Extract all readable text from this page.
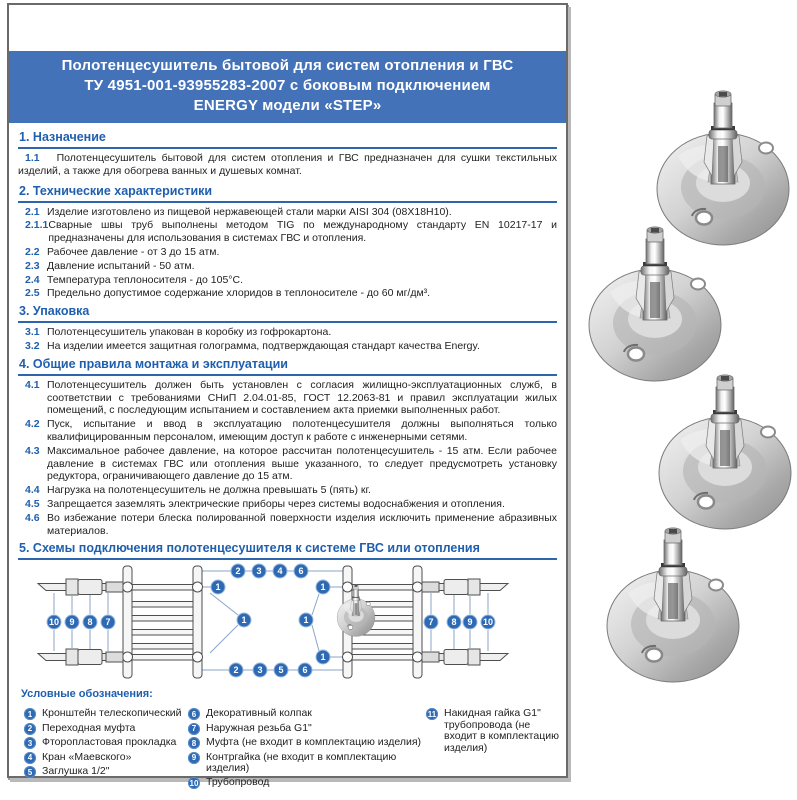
Полотенцесушитель бытовой для систем отопления и ГВС
ТУ 4951-001-93955283-2007 с боковым подключением
ENERGY модели «STEP»
1. Назначение

1.1 Полотенцесушитель бытовой для систем отопления и ГВС предназначен для сушки текстильных изделий, а также для обогрева ванных и душевых комнат.

2. Технические характеристики
2.1 Изделие изготовлено из пищевой нержавеющей стали марки AISI 304 (08Х18Н10).
2.1.1 Сварные швы труб выполнены методом TIG по международному стандарту EN 10217-17 и предназначены для использования в системах ГВС и отопления.
2.2 Рабочее давление - от 3 до 15 атм.
2.3 Давление испытаний - 50 атм.
2.4 Температура теплоносителя - до 105°С.
2.5 Предельно допустимое содержание хлоридов в теплоносителе - до 60 мг/дм³.
3. Упаковка
3.1 Полотенцесушитель упакован в коробку из гофрокартона.
3.2 На изделии имеется защитная голограмма, подтверждающая стандарт качества Energy.
4. Общие правила монтажа и эксплуатации
4.1 Полотенцесушитель должен быть установлен с согласия жилищно-эксплуатационных служб, в соответствии с требованиями СНиП 2.04.01-85, ГОСТ 12.2063-81 и правил эксплуатации жилых помещений, с последующим испытанием и составлением акта приемки выполненных работ.
4.2 Пуск, испытание и ввод в эксплуатацию полотенцесушителя должны выполняться только квалифицированным персоналом, имеющим доступ к работе с инженерными сетями.
4.3 Максимальное рабочее давление, на которое рассчитан полотенцесушитель - 15 атм. Если рабочее давление в системах ГВС или отопления выше указанного, то следует предусмотреть установку редуктора, ограничивающего давление до 15 атм.
4.4 Нагрузка на полотенцесушитель не должна превышать 5 (пять) кг.
4.5 Запрещается заземлять электрические приборы через системы водоснабжения и отопления.
4.6 Во избежание потери блеска полированной поверхности изделия исключить применение абразивных материалов.
5. Схемы подключения полотенцесушителя к системе ГВС или отопления
2 3 4 6
2 3 5 6
10 9 8 7	7 8 9 10
1
1	1
1
1
Условные обозначения:
1 Кронштейн телескопический
2 Переходная муфта
3 Фторопластовая прокладка
4 Кран «Маевского»
5 Заглушка 1/2"
6 Декоративный колпак
7 Наружная резьба G1"
8 Муфта (не входит в комплектацию изделия)
9 Контргайка (не входит в комплектацию изделия)
10 Трубопровод
11 Накидная гайка G1" трубопровода (не входит в комплектацию изделия)
